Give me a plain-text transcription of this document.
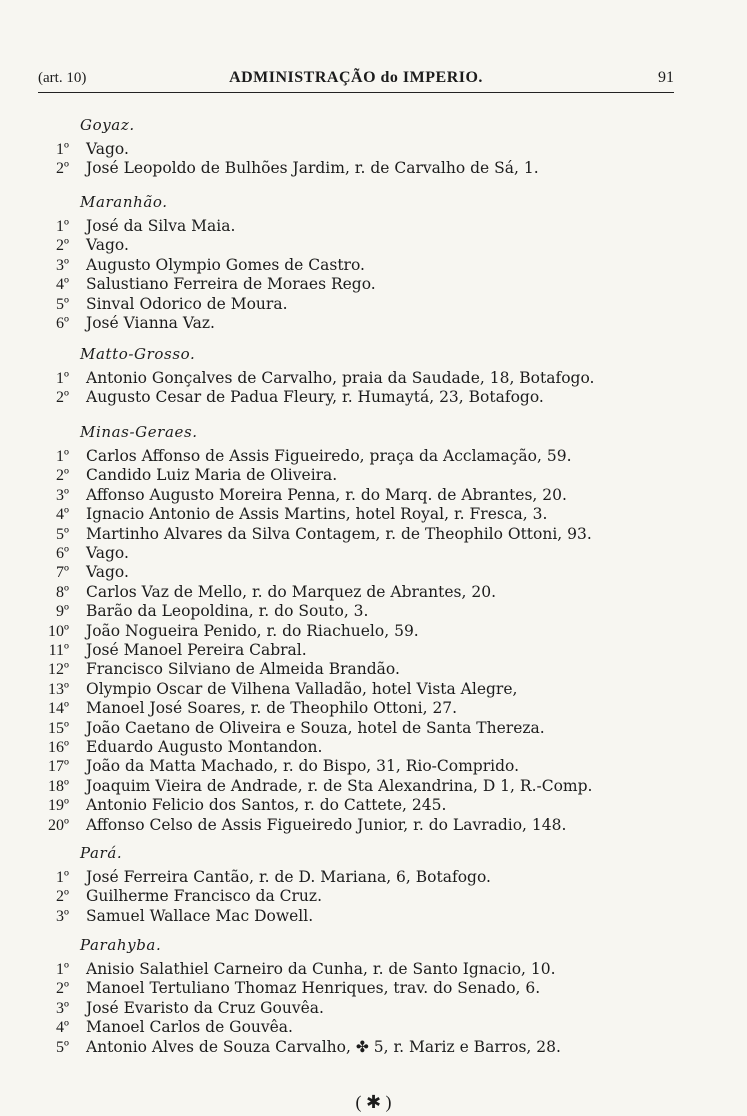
(art. 10)	ADMINISTRAÇÃO do IMPERIO.	91
Goyaz.
1º Vago.
2º José Leopoldo de Bulhões Jardim, r. de Carvalho de Sá, 1.
Maranhão.
1º José da Silva Maia.
2º Vago.
3º Augusto Olympio Gomes de Castro.
4º Salustiano Ferreira de Moraes Rego.
5º Sinval Odorico de Moura.
6º José Vianna Vaz.
Matto-Grosso.
1º Antonio Gonçalves de Carvalho, praia da Saudade, 18, Botafogo.
2º Augusto Cesar de Padua Fleury, r. Humaytá, 23, Botafogo.
Minas-Geraes.
1º Carlos Affonso de Assis Figueiredo, praça da Acclamação, 59.
2º Candido Luiz Maria de Oliveira.
3º Affonso Augusto Moreira Penna, r. do Marq. de Abrantes, 20.
4º Ignacio Antonio de Assis Martins, hotel Royal, r. Fresca, 3.
5º Martinho Alvares da Silva Contagem, r. de Theophilo Ottoni, 93.
6º Vago.
7º Vago.
8º Carlos Vaz de Mello, r. do Marquez de Abrantes, 20.
9º Barão da Leopoldina, r. do Souto, 3.
10º João Nogueira Penido, r. do Riachuelo, 59.
11º José Manoel Pereira Cabral.
12º Francisco Silviano de Almeida Brandão.
13º Olympio Oscar de Vilhena Valladão, hotel Vista Alegre,
14º Manoel José Soares, r. de Theophilo Ottoni, 27.
15º João Caetano de Oliveira e Souza, hotel de Santa Thereza.
16º Eduardo Augusto Montandon.
17º João da Matta Machado, r. do Bispo, 31, Rio-Comprido.
18º Joaquim Vieira de Andrade, r. de Sta Alexandrina, D 1, R.-Comp.
19º Antonio Felicio dos Santos, r. do Cattete, 245.
20º Affonso Celso de Assis Figueiredo Junior, r. do Lavradio, 148.
Pará.
1º José Ferreira Cantão, r. de D. Mariana, 6, Botafogo.
2º Guilherme Francisco da Cruz.
3º Samuel Wallace Mac Dowell.
Parahyba.
1º Anisio Salathiel Carneiro da Cunha, r. de Santo Ignacio, 10.
2º Manoel Tertuliano Thomaz Henriques, trav. do Senado, 6.
3º José Evaristo da Cruz Gouvêa.
4º Manoel Carlos de Gouvêa.
5º Antonio Alves de Souza Carvalho, ✤ 5, r. Mariz e Barros, 28.
( ✱ )
